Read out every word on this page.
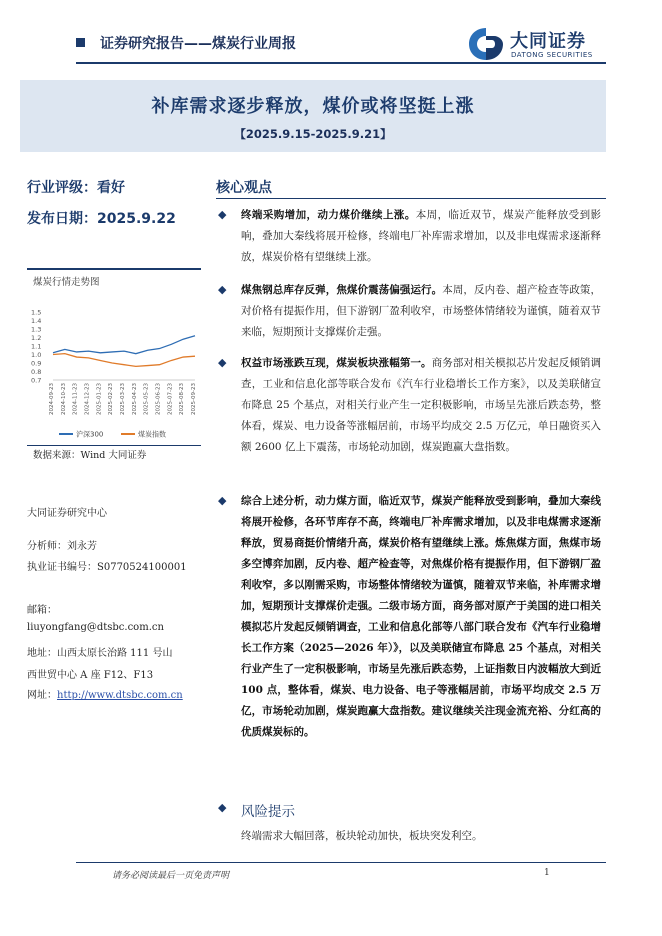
证券研究报告——煤炭行业周报	大同证券
DATONG SECURITIES
补库需求逐步释放，煤价或将坚挺上涨
【2025.9.15-2025.9.21】
行业评级：看好
发布日期：2025.9.22
煤炭行情走势图
1.5
1.4
1.3
1.2
1.1
1.0
0.9
0.8
0.7
2024-09-23 2024-10-23 2024-11-23 2024-12-23 2025-01-23 2025-02-23 2025-03-23 2025-04-23 2025-05-23 2025-06-23 2025-07-23 2025-08-23 2025-09-23
沪深300	煤炭指数
数据来源：Wind 大同证券
大同证券研究中心
分析师：刘永芳
执业证书编号：S0770524100001
邮箱：
liuyongfang@dtsbc.com.cn
地址：山西太原长治路 111 号山
西世贸中心 A 座 F12、F13
网址：http://www.dtsbc.com.cn
核心观点
◆ 终端采购增加，动力煤价继续上涨。本周，临近双节，煤炭产能释放受到影响，叠加大秦线将展开检修，终端电厂补库需求增加，以及非电煤需求逐渐释放，煤炭价格有望继续上涨。
◆ 煤焦钢总库存反弹，焦煤价震荡偏强运行。本周，反内卷、超产检查等政策，对价格有提振作用，但下游钢厂盈利收窄，市场整体情绪较为谨慎，随着双节来临，短期预计支撑煤价走强。
◆ 权益市场涨跌互现，煤炭板块涨幅第一。商务部对相关模拟芯片发起反倾销调查，工业和信息化部等联合发布《汽车行业稳增长工作方案》，以及美联储宣布降息 25 个基点，对相关行业产生一定积极影响，市场呈先涨后跌态势，整体看，煤炭、电力设备等涨幅居前，市场平均成交 2.5 万亿元，单日融资买入额 2600 亿上下震荡，市场轮动加剧，煤炭跑赢大盘指数。
◆ 综合上述分析，动力煤方面，临近双节，煤炭产能释放受到影响，叠加大秦线将展开检修，各环节库存不高，终端电厂补库需求增加，以及非电煤需求逐渐释放，贸易商挺价情绪升高，煤炭价格有望继续上涨。炼焦煤方面，焦煤市场多空博弈加剧，反内卷、超产检查等，对焦煤价格有提振作用，但下游钢厂盈利收窄，多以刚需采购，市场整体情绪较为谨慎，随着双节来临，补库需求增加，短期预计支撑煤价走强。二级市场方面，商务部对原产于美国的进口相关模拟芯片发起反倾销调查，工业和信息化部等八部门联合发布《汽车行业稳增长工作方案（2025—2026 年）》，以及美联储宣布降息 25 个基点，对相关行业产生了一定积极影响，市场呈先涨后跌态势，上证指数日内波幅放大到近 100 点，整体看，煤炭、电力设备、电子等涨幅居前，市场平均成交 2.5 万亿，市场轮动加剧，煤炭跑赢大盘指数。建议继续关注现金流充裕、分红高的优质煤炭标的。
◆ 风险提示
终端需求大幅回落，板块轮动加快，板块突发利空。
请务必阅读最后一页免责声明	1
